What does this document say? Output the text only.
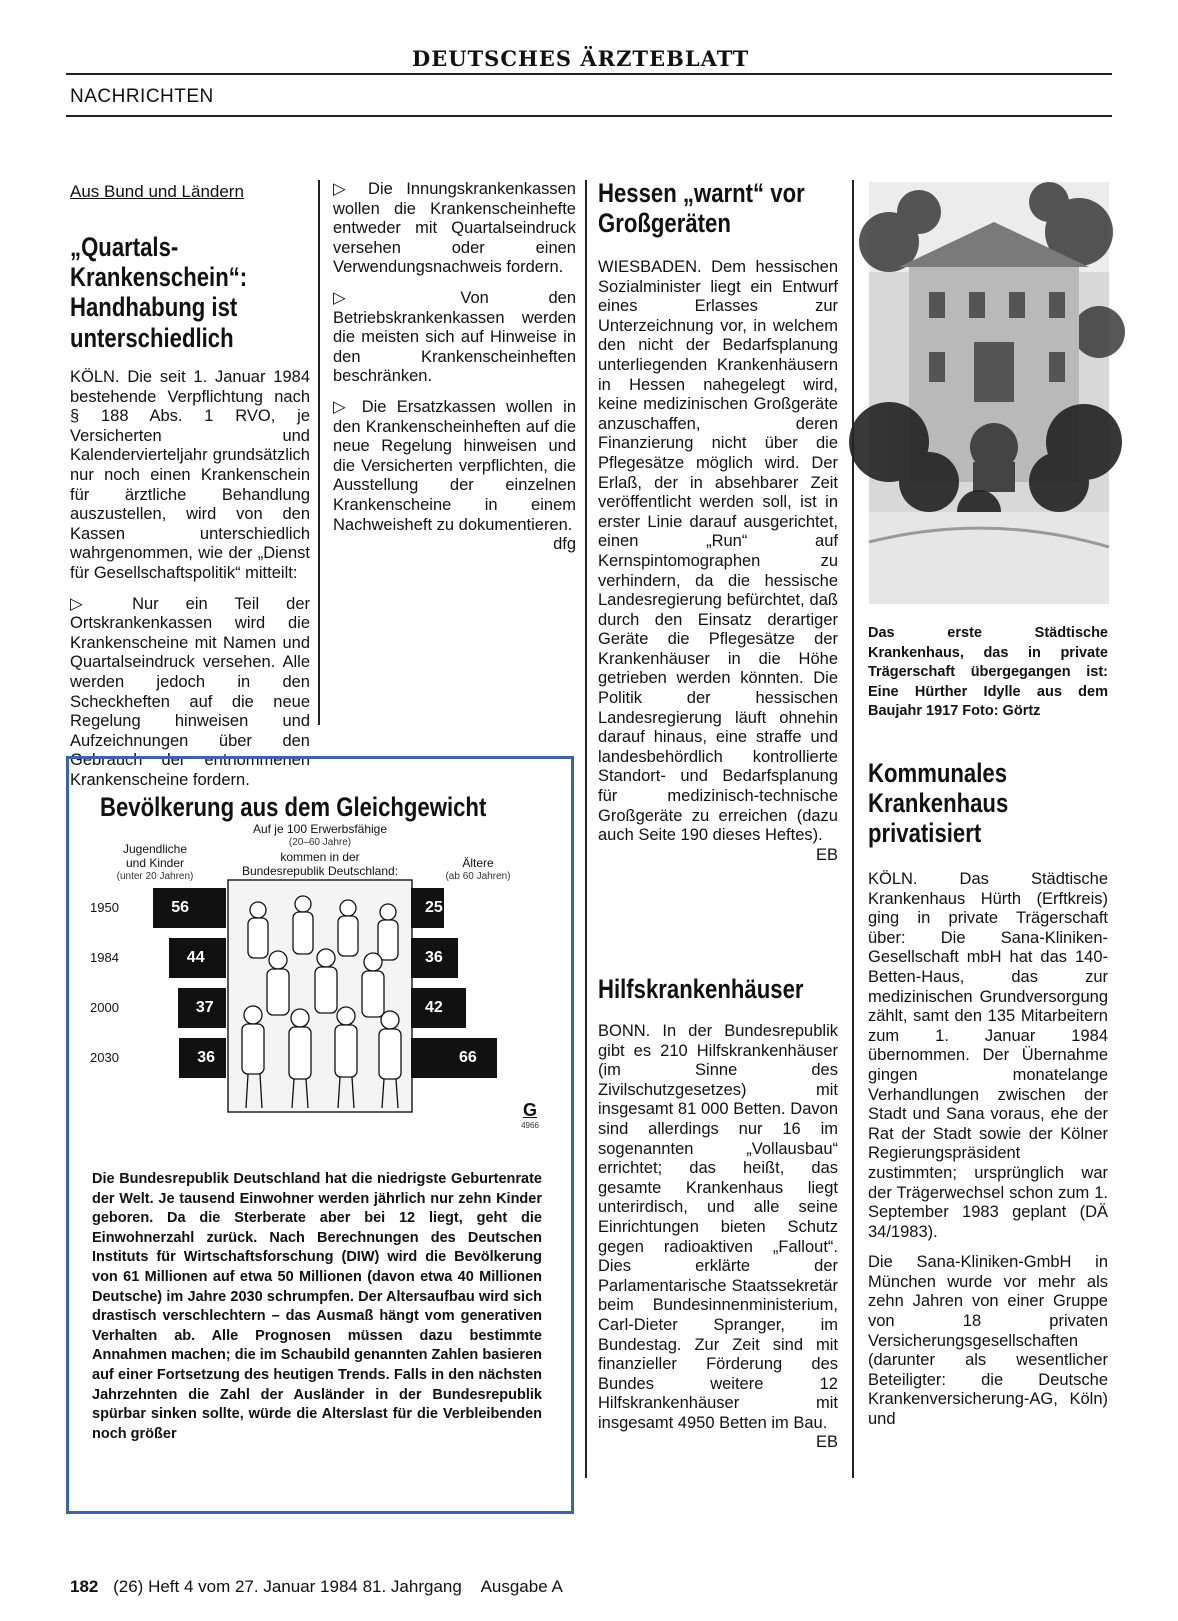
DEUTSCHES ÄRZTEBLATT
NACHRICHTEN
Aus Bund und Ländern
„Quartals-Krankenschein“: Handhabung ist unterschiedlich

KÖLN. Die seit 1. Januar 1984 bestehende Verpflichtung nach § 188 Abs. 1 RVO, je Versicherten und Kalendervierteljahr grundsätzlich nur noch einen Krankenschein für ärztliche Behandlung auszustellen, wird von den Kassen unterschiedlich wahrgenommen, wie der „Dienst für Gesellschaftspolitik“ mitteilt:

▷ Nur ein Teil der Ortskrankenkassen wird die Krankenscheine mit Namen und Quartalseindruck versehen. Alle werden jedoch in den Scheckheften auf die neue Regelung hinweisen und Aufzeichnungen über den Gebrauch der entnommenen Krankenscheine fordern.

▷ Die Innungskrankenkassen wollen die Krankenscheinhefte entweder mit Quartalseindruck versehen oder einen Verwendungsnachweis fordern.

▷ Von den Betriebskrankenkassen werden die meisten sich auf Hinweise in den Krankenscheinheften beschränken.

▷ Die Ersatzkassen wollen in den Krankenscheinheften auf die neue Regelung hinweisen und die Versicherten verpflichten, die Ausstellung der einzelnen Krankenscheine in einem Nachweisheft zu dokumentieren.
dfg

Hessen „warnt“ vor Großgeräten

WIESBADEN. Dem hessischen Sozialminister liegt ein Entwurf eines Erlasses zur Unterzeichnung vor, in welchem den nicht der Bedarfsplanung unterliegenden Krankenhäusern in Hessen nahegelegt wird, keine medizinischen Großgeräte anzuschaffen, deren Finanzierung nicht über die Pflegesätze möglich wird. Der Erlaß, der in absehbarer Zeit veröffentlicht werden soll, ist in erster Linie darauf ausgerichtet, einen „Run“ auf Kernspintomographen zu verhindern, da die hessische Landesregierung befürchtet, daß durch den Einsatz derartiger Geräte die Pflegesätze der Krankenhäuser in die Höhe getrieben werden könnten. Die Politik der hessischen Landesregierung läuft ohnehin darauf hinaus, eine straffe und landesbehördlich kontrollierte Standort- und Bedarfsplanung für medizinisch-technische Großgeräte zu erreichen (dazu auch Seite 190 dieses Heftes).
EB

Hilfskrankenhäuser

BONN. In der Bundesrepublik gibt es 210 Hilfskrankenhäuser (im Sinne des Zivilschutzgesetzes) mit insgesamt 81 000 Betten. Davon sind allerdings nur 16 im sogenannten „Vollausbau“ errichtet; das heißt, das gesamte Krankenhaus liegt unterirdisch, und alle seine Einrichtungen bieten Schutz gegen radioaktiven „Fallout“. Dies erklärte der Parlamentarische Staatssekretär beim Bundesinnenministerium, Carl-Dieter Spranger, im Bundestag. Zur Zeit sind mit finanzieller Förderung des Bundes weitere 12 Hilfskrankenhäuser mit insgesamt 4950 Betten im Bau.
EB

Das erste Städtische Krankenhaus, das in private Trägerschaft übergegangen ist: Eine Hürther Idylle aus dem Baujahr 1917 Foto: Görtz
Kommunales Krankenhaus privatisiert

KÖLN. Das Städtische Krankenhaus Hürth (Erftkreis) ging in private Trägerschaft über: Die Sana-Kliniken-Gesellschaft mbH hat das 140-Betten-Haus, das zur medizinischen Grundversorgung zählt, samt den 135 Mitarbeitern zum 1. Januar 1984 übernommen. Der Übernahme gingen monatelange Verhandlungen zwischen der Stadt und Sana voraus, ehe der Rat der Stadt sowie der Kölner Regierungspräsident zustimmten; ursprünglich war der Trägerwechsel schon zum 1. September 1983 geplant (DÄ 34/1983).

Die Sana-Kliniken-GmbH in München wurde vor mehr als zehn Jahren von einer Gruppe von 18 privaten Versicherungsgesellschaften (darunter als wesentlicher Beteiligter: die Deutsche Krankenversicherung-AG, Köln) und

Bevölkerung aus dem Gleichgewicht
Auf je 100 Erwerbsfähige
(20–60 Jahre)
kommen in der
Bundesrepublik Deutschland:
Jugendliche
und Kinder
(unter 20 Jahren)
Ältere
(ab 60 Jahren)
1950	56	25
1984	44	36
2000	37	42
2030	36	66
G
4966
Die Bundesrepublik Deutschland hat die niedrigste Geburtenrate der Welt. Je tausend Einwohner werden jährlich nur zehn Kinder geboren. Da die Sterberate aber bei 12 liegt, geht die Einwohnerzahl zurück. Nach Berechnungen des Deutschen Instituts für Wirtschaftsforschung (DIW) wird die Bevölkerung von 61 Millionen auf etwa 50 Millionen (davon etwa 40 Millionen Deutsche) im Jahre 2030 schrumpfen. Der Altersaufbau wird sich drastisch verschlechtern – das Ausmaß hängt vom generativen Verhalten ab. Alle Prognosen müssen dazu bestimmte Annahmen machen; die im Schaubild genannten Zahlen basieren auf einer Fortsetzung des heutigen Trends. Falls in den nächsten Jahrzehnten die Zahl der Ausländer in der Bundesrepublik spürbar sinken sollte, würde die Alterslast für die Verbleibenden noch größer
182 (26) Heft 4 vom 27. Januar 1984 81. Jahrgang Ausgabe A
